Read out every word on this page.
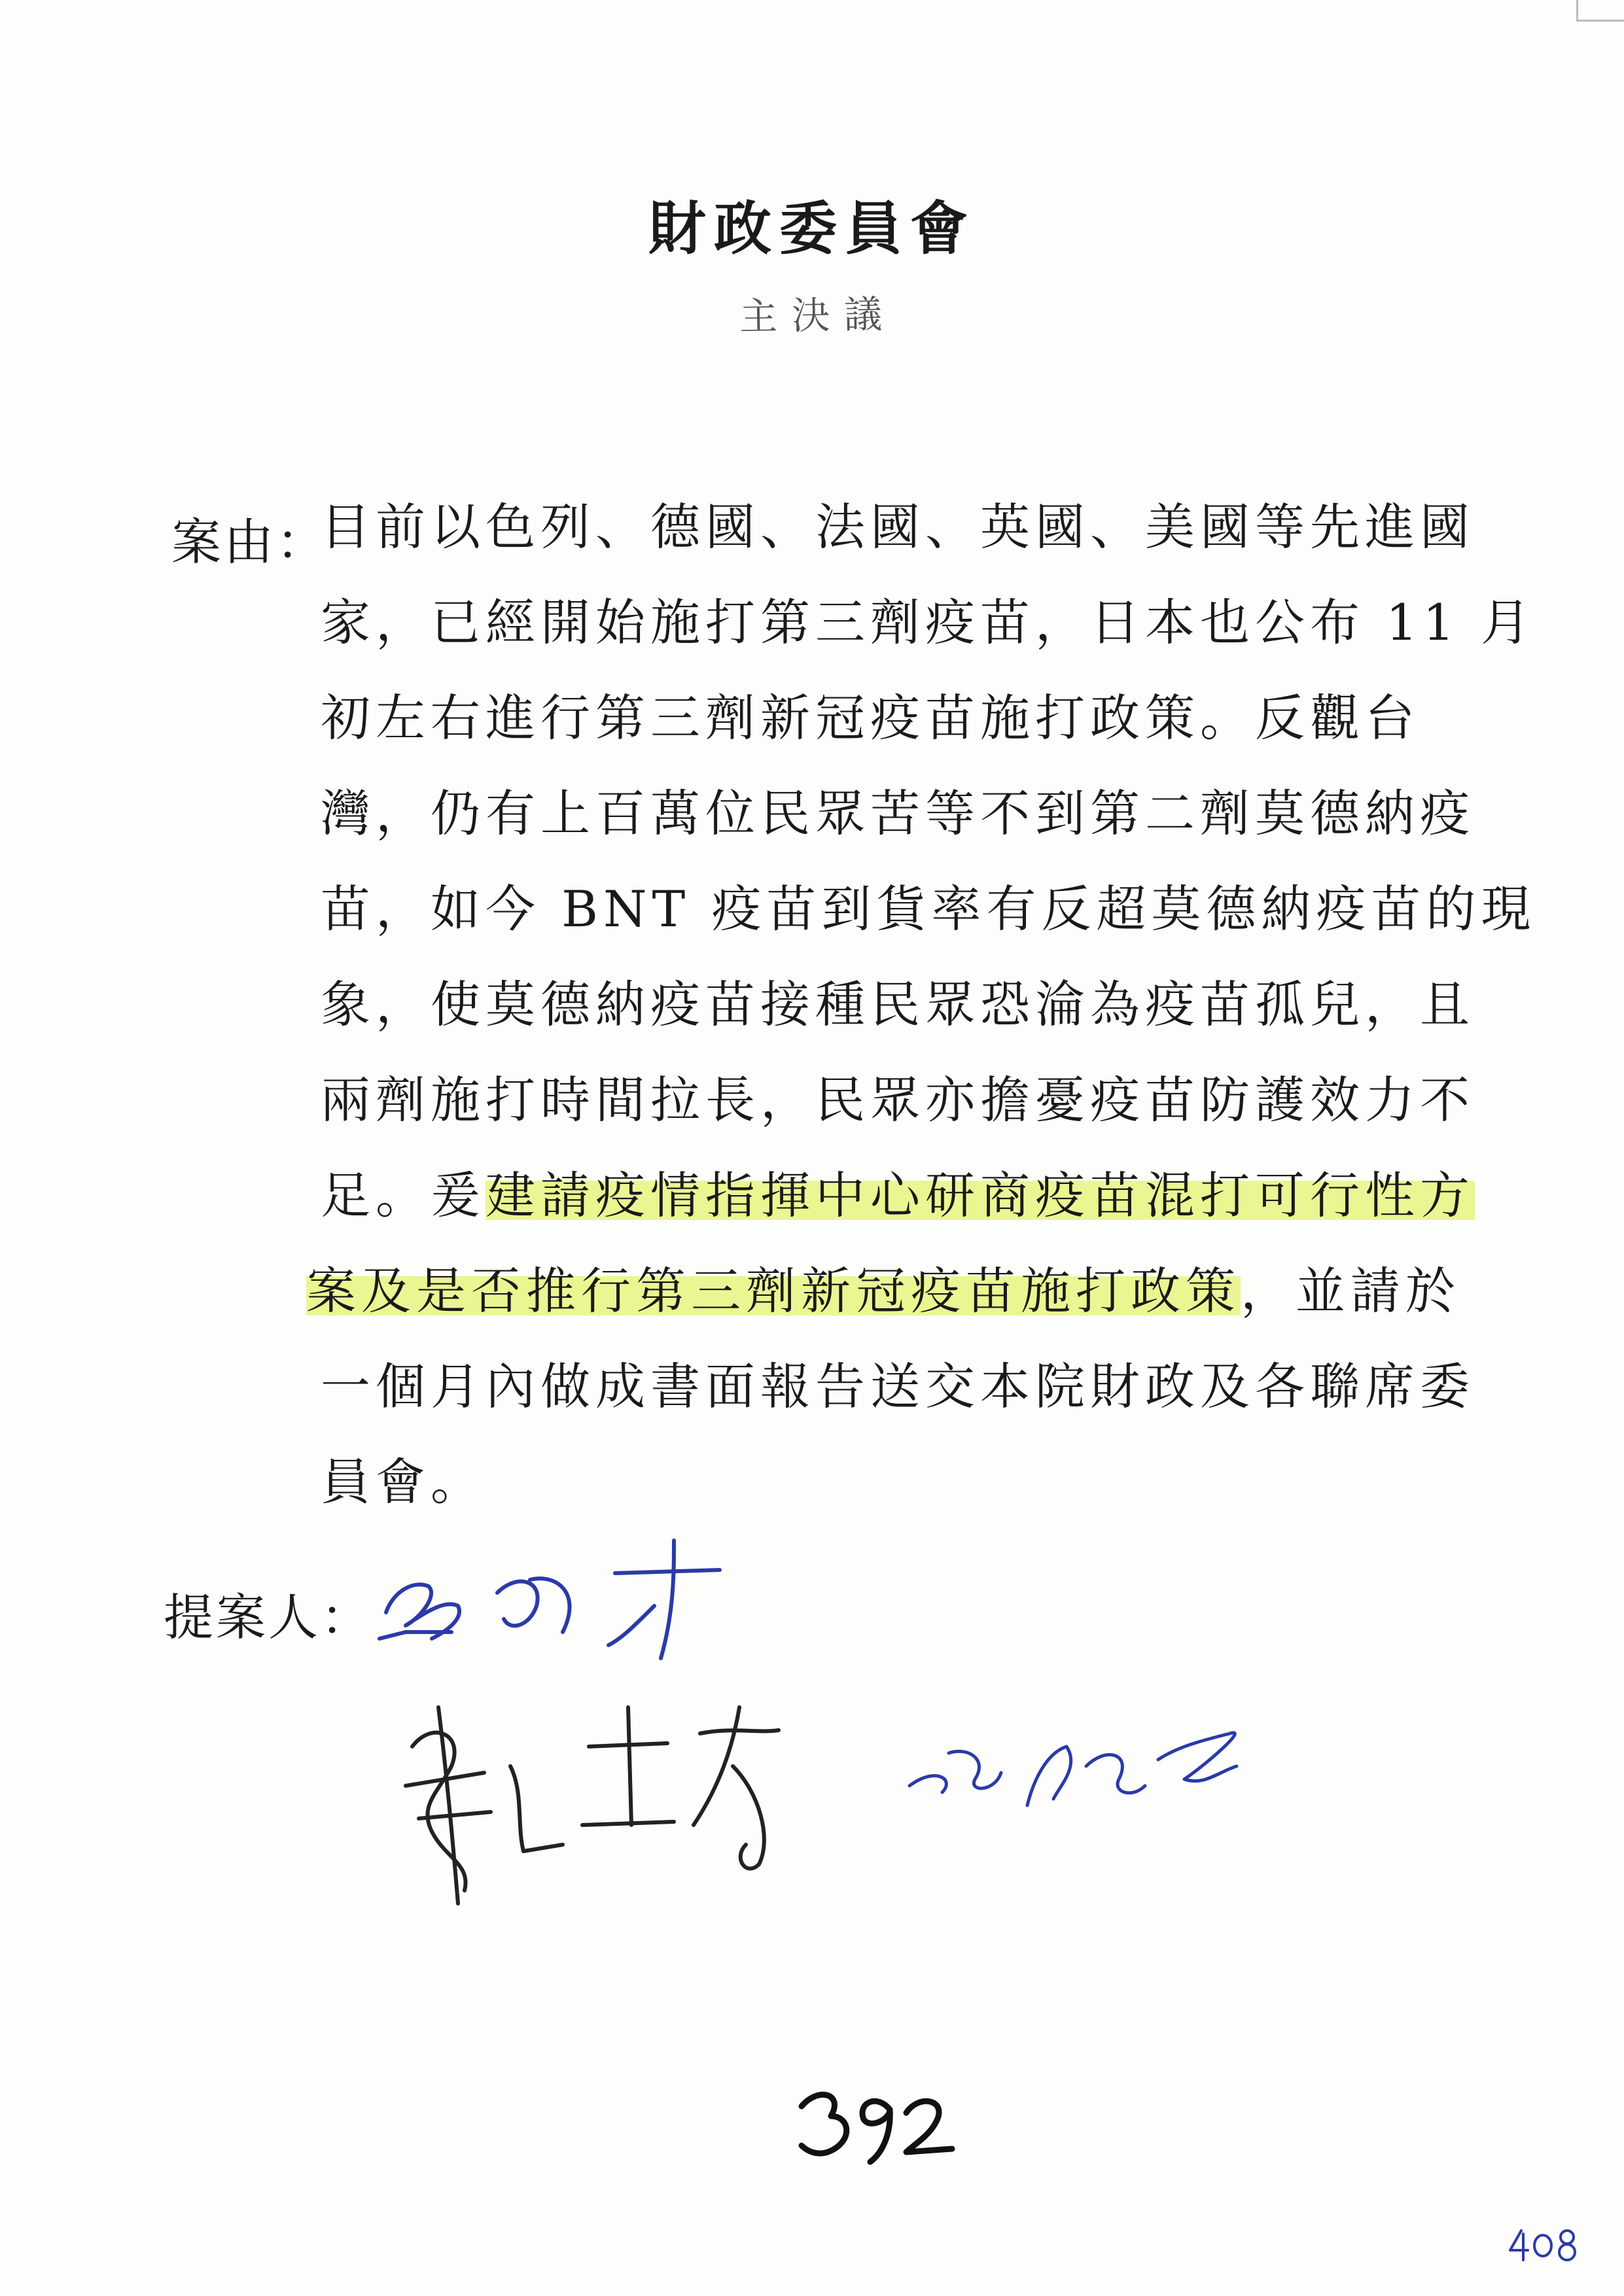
財政委員會
主決議
案由：
目前以色列、德國、法國、英國、美國等先進國
家，已經開始施打第三劑疫苗，日本也公布 11 月
初左右進行第三劑新冠疫苗施打政策。反觀台
灣，仍有上百萬位民眾苦等不到第二劑莫德納疫
苗，如今 BNT 疫苗到貨率有反超莫德納疫苗的現
象，使莫德納疫苗接種民眾恐淪為疫苗孤兒，且
兩劑施打時間拉長，民眾亦擔憂疫苗防護效力不
足。爰建請疫情指揮中心研商疫苗混打可行性方
案及是否推行第三劑新冠疫苗施打政策，並請於
一個月內做成書面報告送交本院財政及各聯席委
員會。
提案人：
